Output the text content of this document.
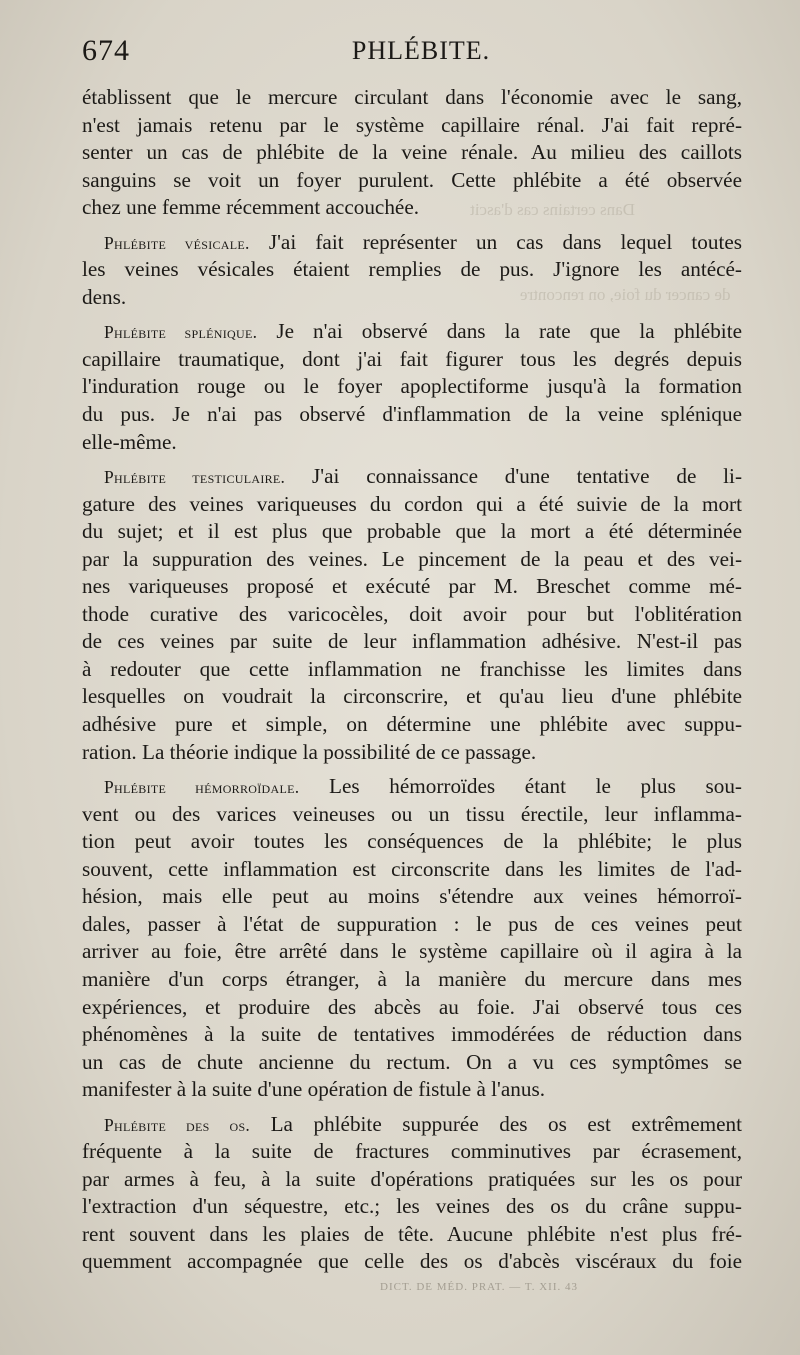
Dans certains cas d'ascit
de cancer du foie, on rencontre
674	PHLÉBITE.
établissent que le mercure circulant dans l'économie avec le sang,
n'est jamais retenu par le système capillaire rénal. J'ai fait repré-
senter un cas de phlébite de la veine rénale. Au milieu des caillots
sanguins se voit un foyer purulent. Cette phlébite a été observée
chez une femme récemment accouchée.
Phlébite vésicale. J'ai fait représenter un cas dans lequel toutes
les veines vésicales étaient remplies de pus. J'ignore les antécé-
dens.
Phlébite splénique. Je n'ai observé dans la rate que la phlébite
capillaire traumatique, dont j'ai fait figurer tous les degrés depuis
l'induration rouge ou le foyer apoplectiforme jusqu'à la formation
du pus. Je n'ai pas observé d'inflammation de la veine splénique
elle-même.
Phlébite testiculaire. J'ai connaissance d'une tentative de li-
gature des veines variqueuses du cordon qui a été suivie de la mort
du sujet; et il est plus que probable que la mort a été déterminée
par la suppuration des veines. Le pincement de la peau et des vei-
nes variqueuses proposé et exécuté par M. Breschet comme mé-
thode curative des varicocèles, doit avoir pour but l'oblitération
de ces veines par suite de leur inflammation adhésive. N'est-il pas
à redouter que cette inflammation ne franchisse les limites dans
lesquelles on voudrait la circonscrire, et qu'au lieu d'une phlébite
adhésive pure et simple, on détermine une phlébite avec suppu-
ration. La théorie indique la possibilité de ce passage.
Phlébite hémorroïdale. Les hémorroïdes étant le plus sou-
vent ou des varices veineuses ou un tissu érectile, leur inflamma-
tion peut avoir toutes les conséquences de la phlébite; le plus
souvent, cette inflammation est circonscrite dans les limites de l'ad-
hésion, mais elle peut au moins s'étendre aux veines hémorroï-
dales, passer à l'état de suppuration : le pus de ces veines peut
arriver au foie, être arrêté dans le système capillaire où il agira à la
manière d'un corps étranger, à la manière du mercure dans mes
expériences, et produire des abcès au foie. J'ai observé tous ces
phénomènes à la suite de tentatives immodérées de réduction dans
un cas de chute ancienne du rectum. On a vu ces symptômes se
manifester à la suite d'une opération de fistule à l'anus.
Phlébite des os. La phlébite suppurée des os est extrêmement
fréquente à la suite de fractures comminutives par écrasement,
par armes à feu, à la suite d'opérations pratiquées sur les os pour
l'extraction d'un séquestre, etc.; les veines des os du crâne suppu-
rent souvent dans les plaies de tête. Aucune phlébite n'est plus fré-
quemment accompagnée que celle des os d'abcès viscéraux du foie
DICT. DE MÉD. PRAT. — T. XII. 43
